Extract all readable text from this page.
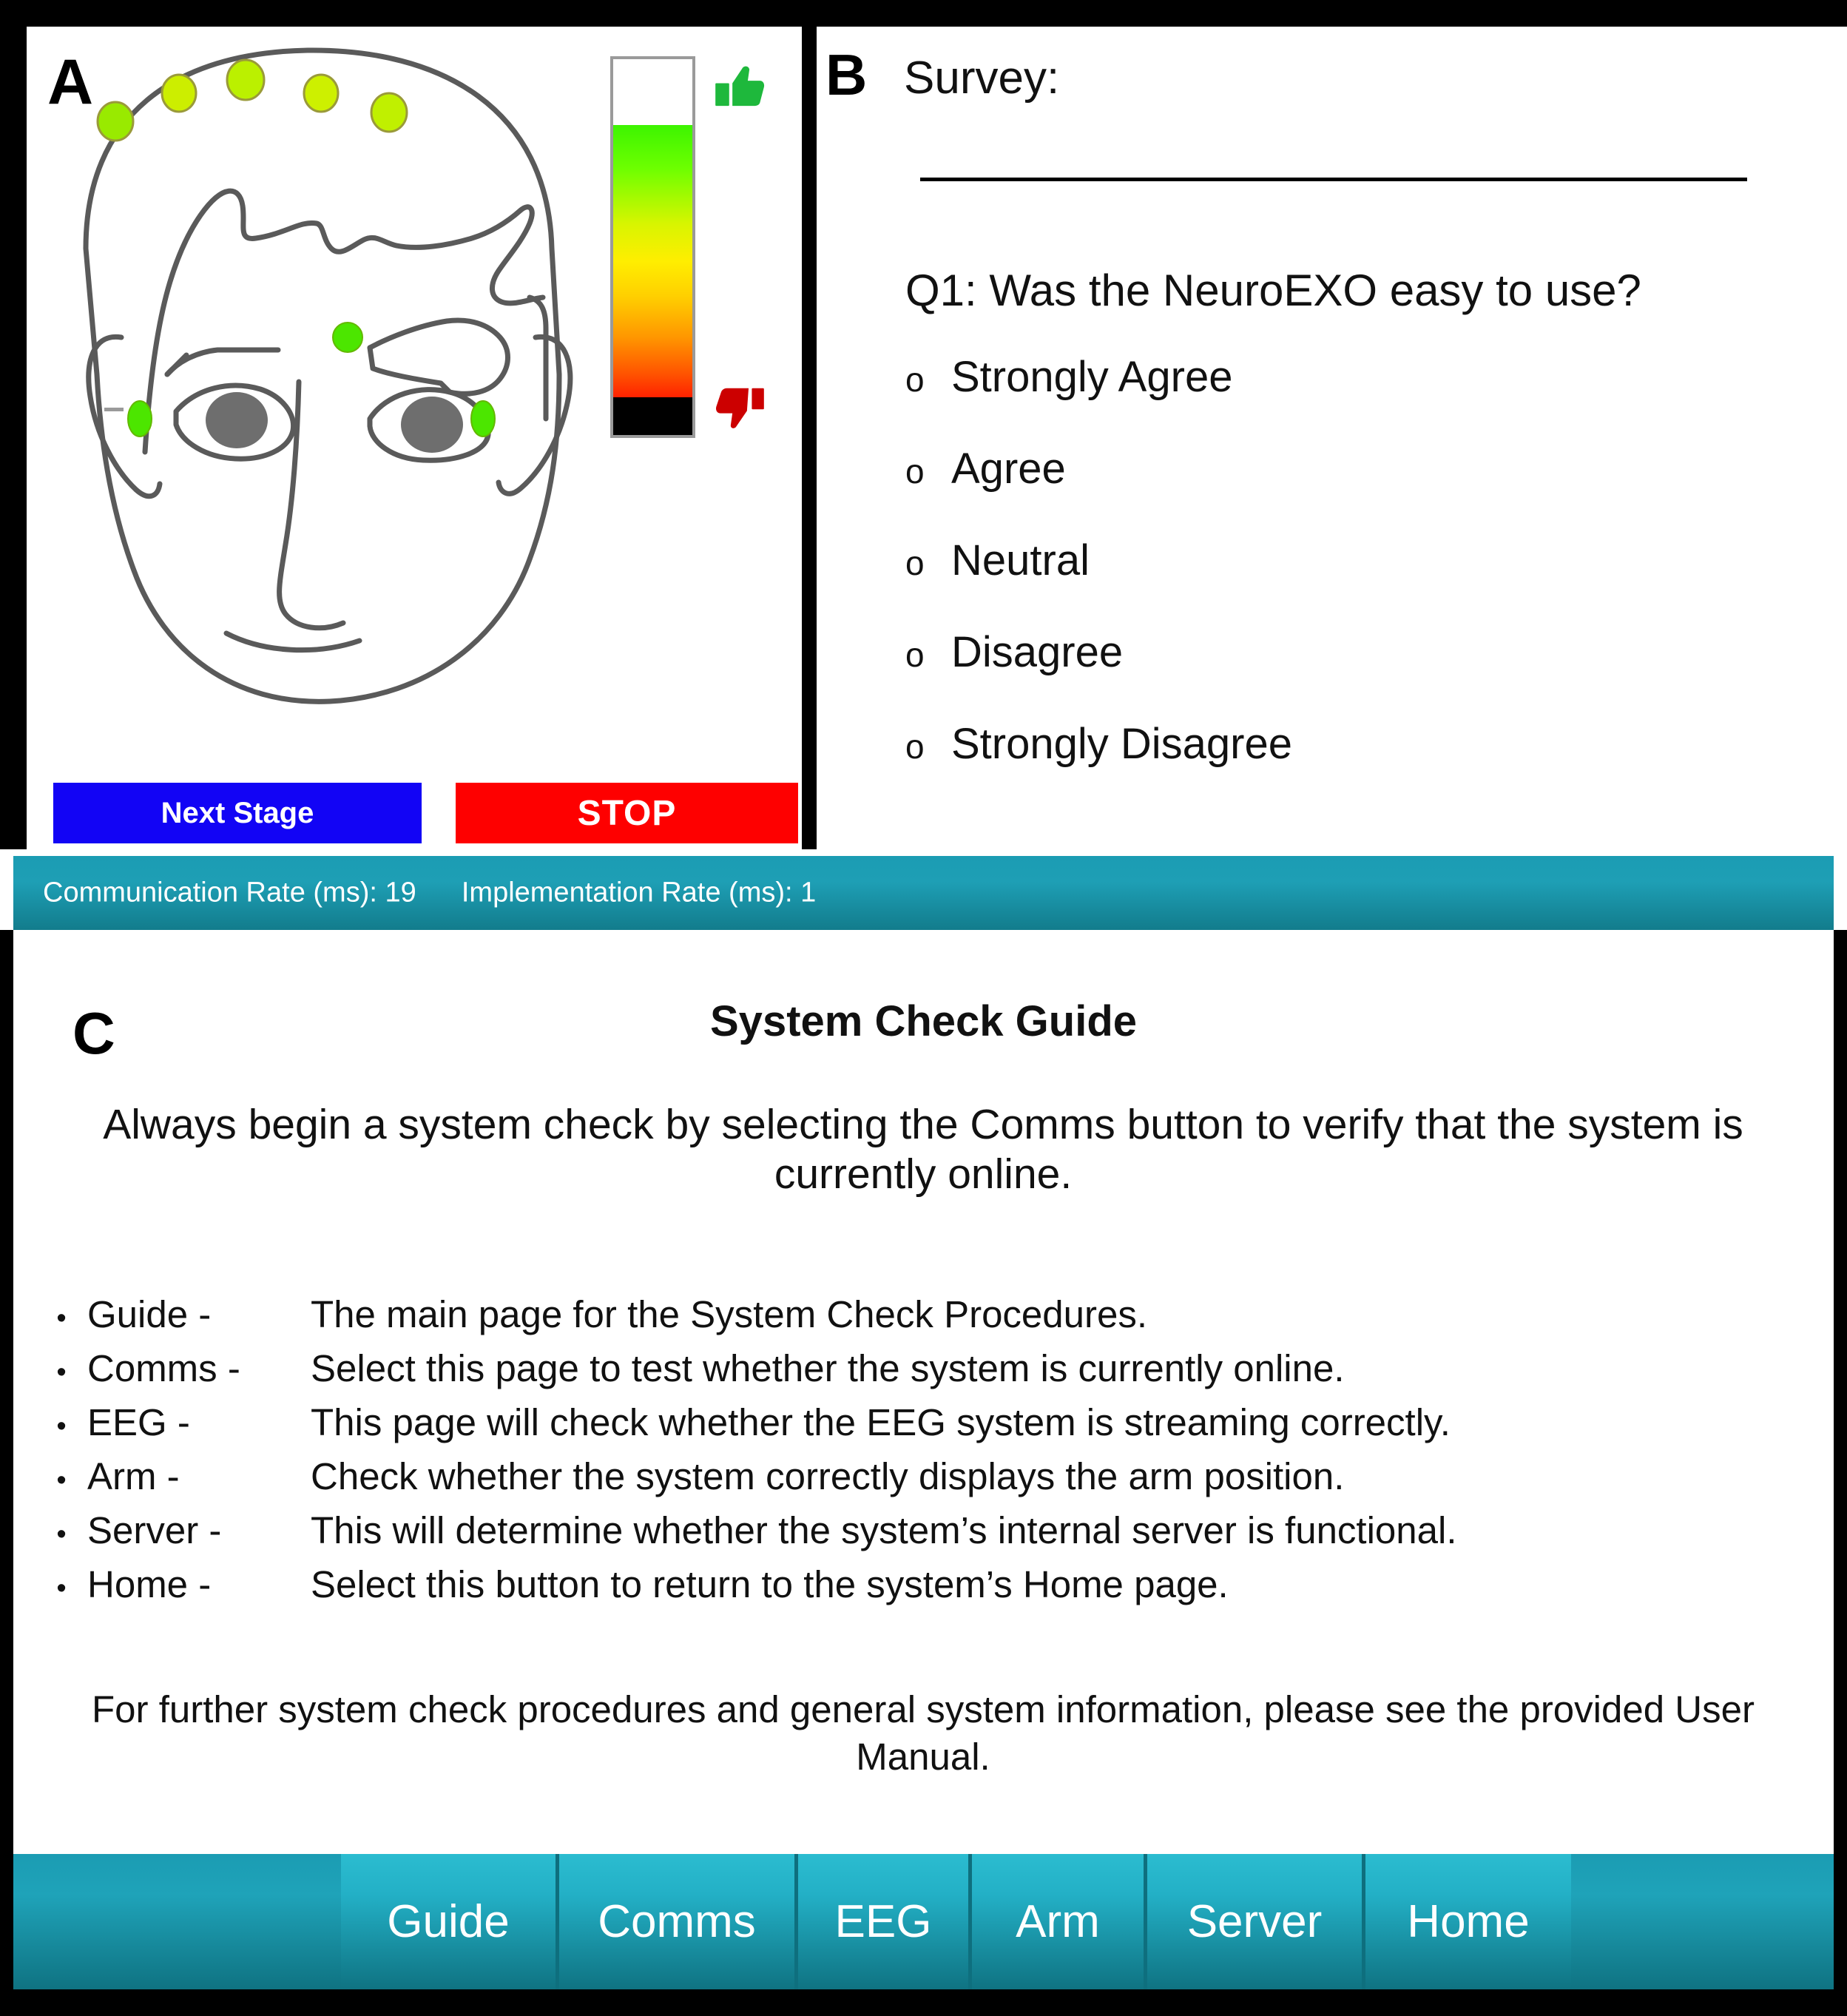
A
Next Stage	STOP
B Survey:
Q1: Was the NeuroEXO easy to use?
o Strongly Agree
o Agree
o Neutral
o Disagree
o Strongly Disagree
Communication Rate (ms): 19 Implementation Rate (ms): 1
C	System Check Guide
Always begin a system check by selecting the Comms button to verify that the system is currently online.
• Guide -	The main page for the System Check Procedures.
• Comms -	Select this page to test whether the system is currently online.
• EEG -	This page will check whether the EEG system is streaming correctly.
• Arm -	Check whether the system correctly displays the arm position.
• Server -	This will determine whether the system’s internal server is functional.
• Home -	Select this button to return to the system’s Home page.
For further system check procedures and general system information, please see the provided User Manual.
Guide	Comms	EEG	Arm	Server	Home
